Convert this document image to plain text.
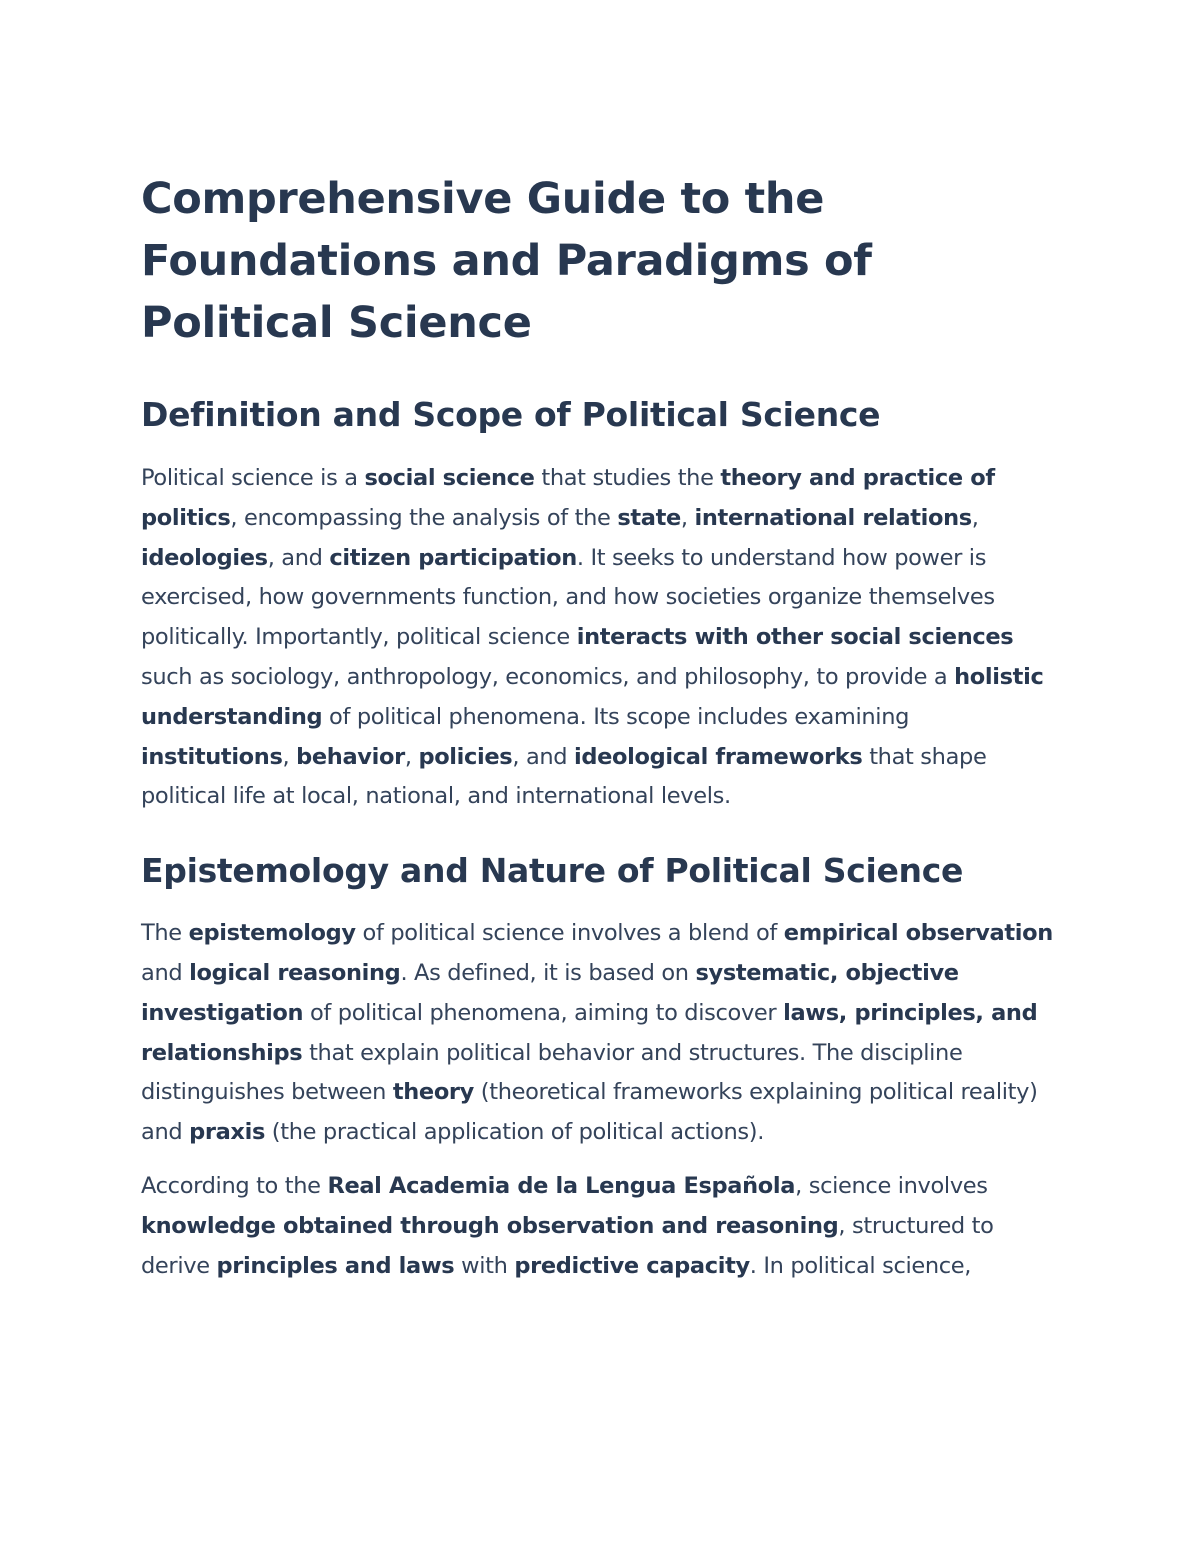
Comprehensive Guide to the Foundations and Paradigms of Political Science
Definition and Scope of Political Science

Political science is a social science that studies the theory and practice of politics, encompassing the analysis of the state, international relations, ideologies, and citizen participation. It seeks to understand how power is exercised, how governments function, and how societies organize themselves politically. Importantly, political science interacts with other social sciences such as sociology, anthropology, economics, and philosophy, to provide a holistic understanding of political phenomena. Its scope includes examining institutions, behavior, policies, and ideological frameworks that shape political life at local, national, and international levels.

Epistemology and Nature of Political Science

The epistemology of political science involves a blend of empirical observation and logical reasoning. As defined, it is based on systematic, objective investigation of political phenomena, aiming to discover laws, principles, and relationships that explain political behavior and structures. The discipline distinguishes between theory (theoretical frameworks explaining political reality) and praxis (the practical application of political actions).

According to the Real Academia de la Lengua Española, science involves knowledge obtained through observation and reasoning, structured to derive principles and laws with predictive capacity. In political science,
